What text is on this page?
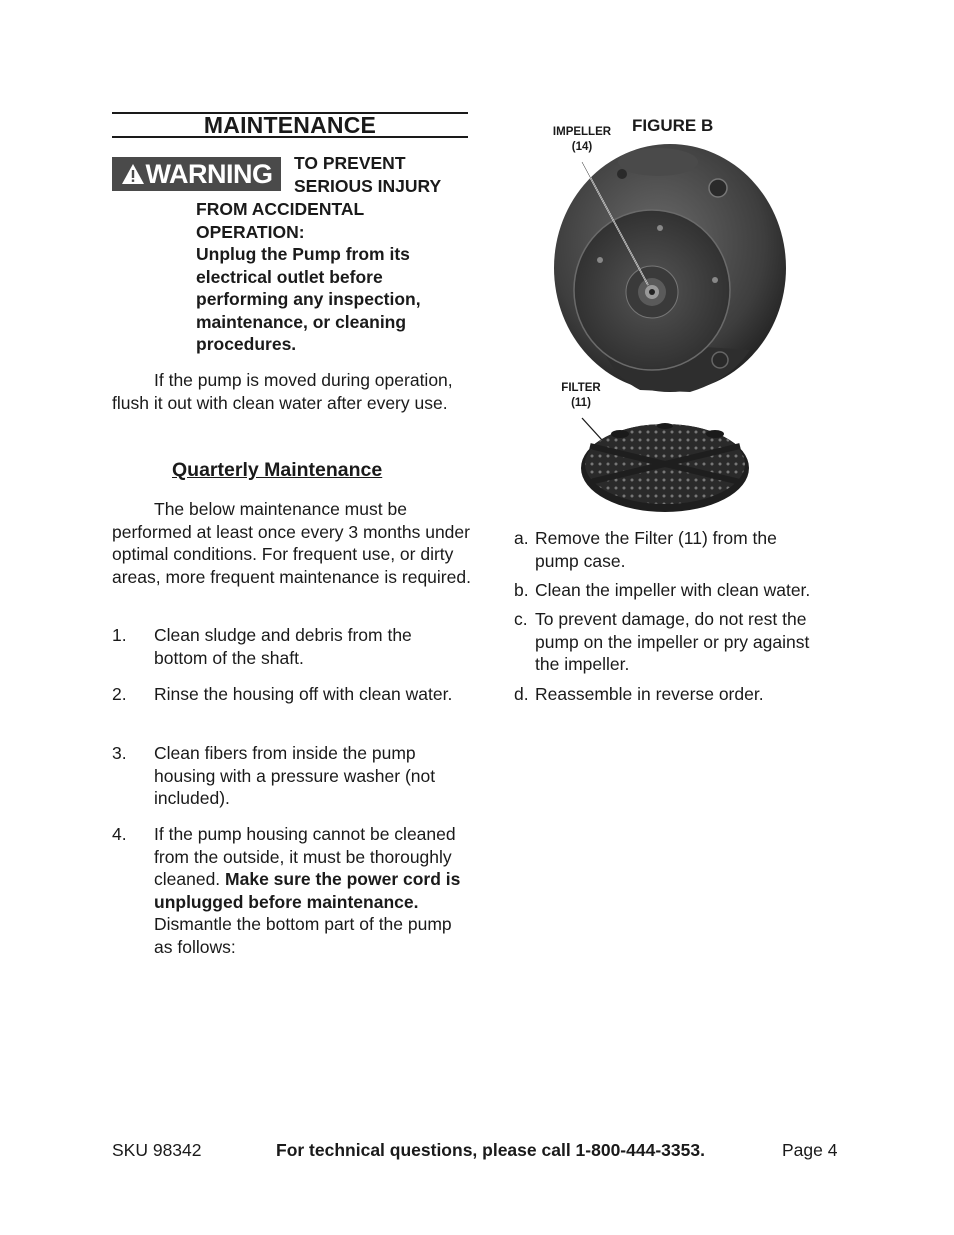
MAINTENANCE
WARNING TO PREVENT
SERIOUS INJURY
FROM ACCIDENTAL
OPERATION:
Unplug the Pump from its electrical outlet before performing any inspection, maintenance, or cleaning procedures.
If the pump is moved during operation, flush it out with clean water after every use.
Quarterly Maintenance
The below maintenance must be performed at least once every 3 months under optimal conditions. For frequent use, or dirty areas, more frequent maintenance is required.
1. Clean sludge and debris from the bottom of the shaft.
2. Rinse the housing off with clean water.
3. Clean fibers from inside the pump housing with a pressure washer (not included).
4. If the pump housing cannot be cleaned from the outside, it must be thoroughly cleaned. Make sure the power cord is unplugged before maintenance. Dismantle the bottom part of the pump as follows:
FIGURE B
IMPELLER
(14)
FILTER
(11)
a. Remove the Filter (11) from the pump case.
b. Clean the impeller with clean water.
c. To prevent damage, do not rest the pump on the impeller or pry against the impeller.
d. Reassemble in reverse order.
SKU 98342	For technical questions, please call 1-800-444-3353.	Page 4
